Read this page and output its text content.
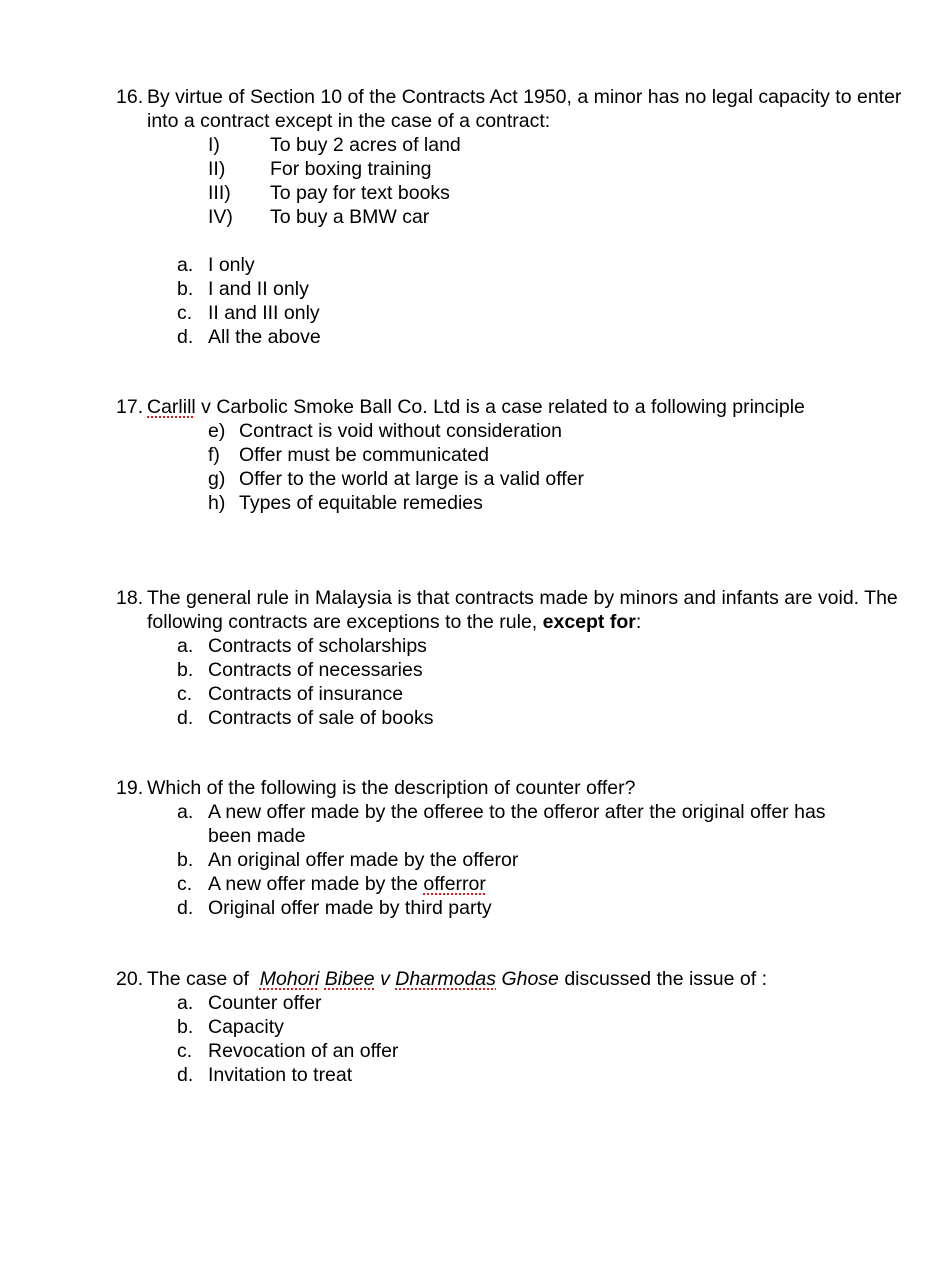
16. By virtue of Section 10 of the Contracts Act 1950, a minor has no legal capacity to enter into a contract except in the case of a contract:
I)	To buy 2 acres of land
II)	For boxing training
III)	To pay for text books
IV)	To buy a BMW car
a. I only
b. I and II only
c. II and III only
d. All the above
17. Carlill v Carbolic Smoke Ball Co. Ltd is a case related to a following principle
e) Contract is void without consideration
f) Offer must be communicated
g) Offer to the world at large is a valid offer
h) Types of equitable remedies
18. The general rule in Malaysia is that contracts made by minors and infants are void. The following contracts are exceptions to the rule, except for:
a. Contracts of scholarships
b. Contracts of necessaries
c. Contracts of insurance
d. Contracts of sale of books
19. Which of the following is the description of counter offer?
a. A new offer made by the offeree to the offeror after the original offer has been made
b. An original offer made by the offeror
c. A new offer made by the offerror
d. Original offer made by third party
20. The case of  Mohori Bibee v Dharmodas Ghose discussed the issue of :
a. Counter offer
b. Capacity
c. Revocation of an offer
d. Invitation to treat
